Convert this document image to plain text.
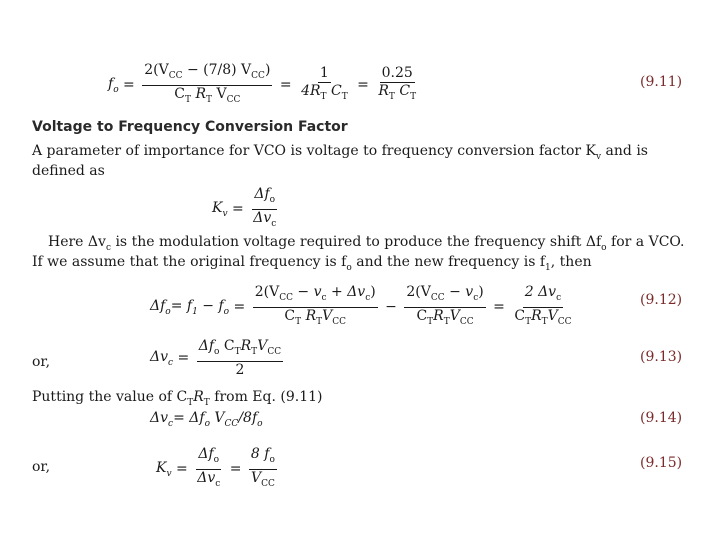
$f_o = \frac{2(V_{CC} - (7/8) V_{CC})}{C_T R_T V_{CC}} = \frac{1}{4R_T C_T} = \frac{0.25}{R_T C_T}$	(9.11)
Voltage to Frequency Conversion Factor
A parameter of importance for VCO is voltage to frequency conversion factor $K_v$ and is
defined as
$K_v = \frac{\Delta f_o}{\Delta v_c}$
Here $\Delta v_c$ is the modulation voltage required to produce the frequency shift $\Delta f_o$ for a VCO.
If we assume that the original frequency is $f_o$ and the new frequency is $f_1$, then
$\Delta f_o = f_1 - f_o = \frac{2(V_{CC} - v_c + \Delta v_c)}{C_T R_TV_{CC}} - \frac{2(V_{CC} - v_c)}{C_TR_TV_{CC}} = \frac{2 \Delta v_c}{C_TR_TV_{CC}}$	(9.12)
or,	$\Delta v_c = \frac{\Delta f_o C_TR_TV_{CC}}{2}$	(9.13)
Putting the value of $C_TR_T$ from Eq. (9.11)
$\Delta v_c = \Delta f_o$ $V_{CC}/8f_o$	(9.14)
or,	$K_v = \frac{\Delta f_o}{\Delta v_c} = \frac{8 f_o}{V_{CC}}$	(9.15)
